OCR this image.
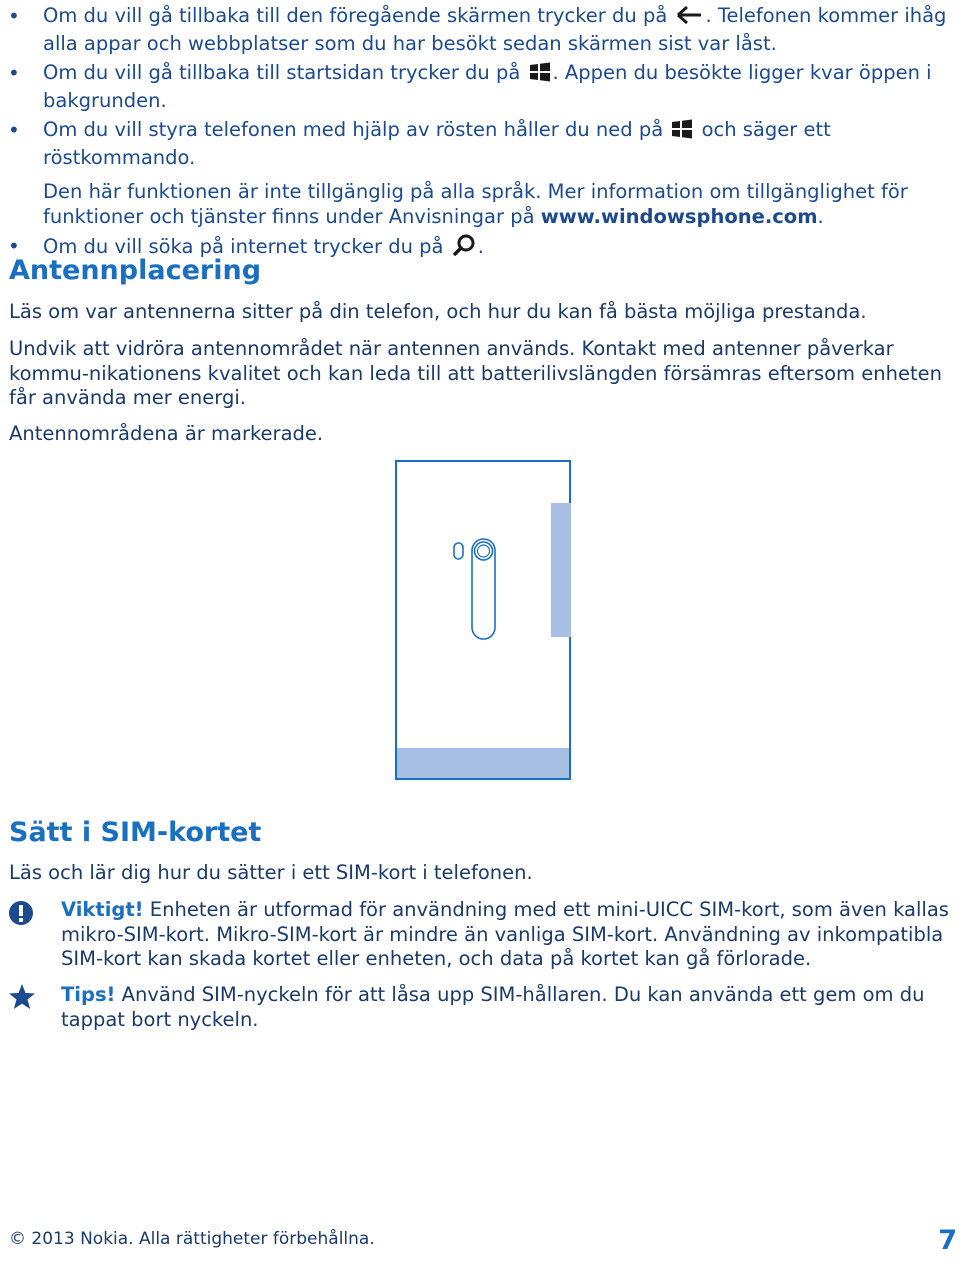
• Om du vill gå tillbaka till den föregående skärmen trycker du på . Telefonen kommer ihåg alla appar och webbplatser som du har besökt sedan skärmen sist var låst.
• Om du vill gå tillbaka till startsidan trycker du på . Appen du besökte ligger kvar öppen i bakgrunden.
• Om du vill styra telefonen med hjälp av rösten håller du ned på och säger ett röstkommando.
Den här funktionen är inte tillgänglig på alla språk. Mer information om tillgänglighet för funktioner och tjänster finns under Anvisningar på www.windowsphone.com.
• Om du vill söka på internet trycker du på .
Antennplacering

Läs om var antennerna sitter på din telefon, och hur du kan få bästa möjliga prestanda.

Undvik att vidröra antennområdet när antennen används. Kontakt med antenner påverkar kommu-nikationens kvalitet och kan leda till att batterilivslängden försämras eftersom enheten får använda mer energi.

Antennområdena är markerade.

Sätt i SIM-kortet

Läs och lär dig hur du sätter i ett SIM-kort i telefonen.

Viktigt! Enheten är utformad för användning med ett mini-UICC SIM-kort, som även kallas mikro-SIM-kort. Mikro-SIM-kort är mindre än vanliga SIM-kort. Användning av inkompatibla SIM-kort kan skada kortet eller enheten, och data på kortet kan gå förlorade.

Tips! Använd SIM-nyckeln för att låsa upp SIM-hållaren. Du kan använda ett gem om du tappat bort nyckeln.

© 2013 Nokia. Alla rättigheter förbehållna.	7
